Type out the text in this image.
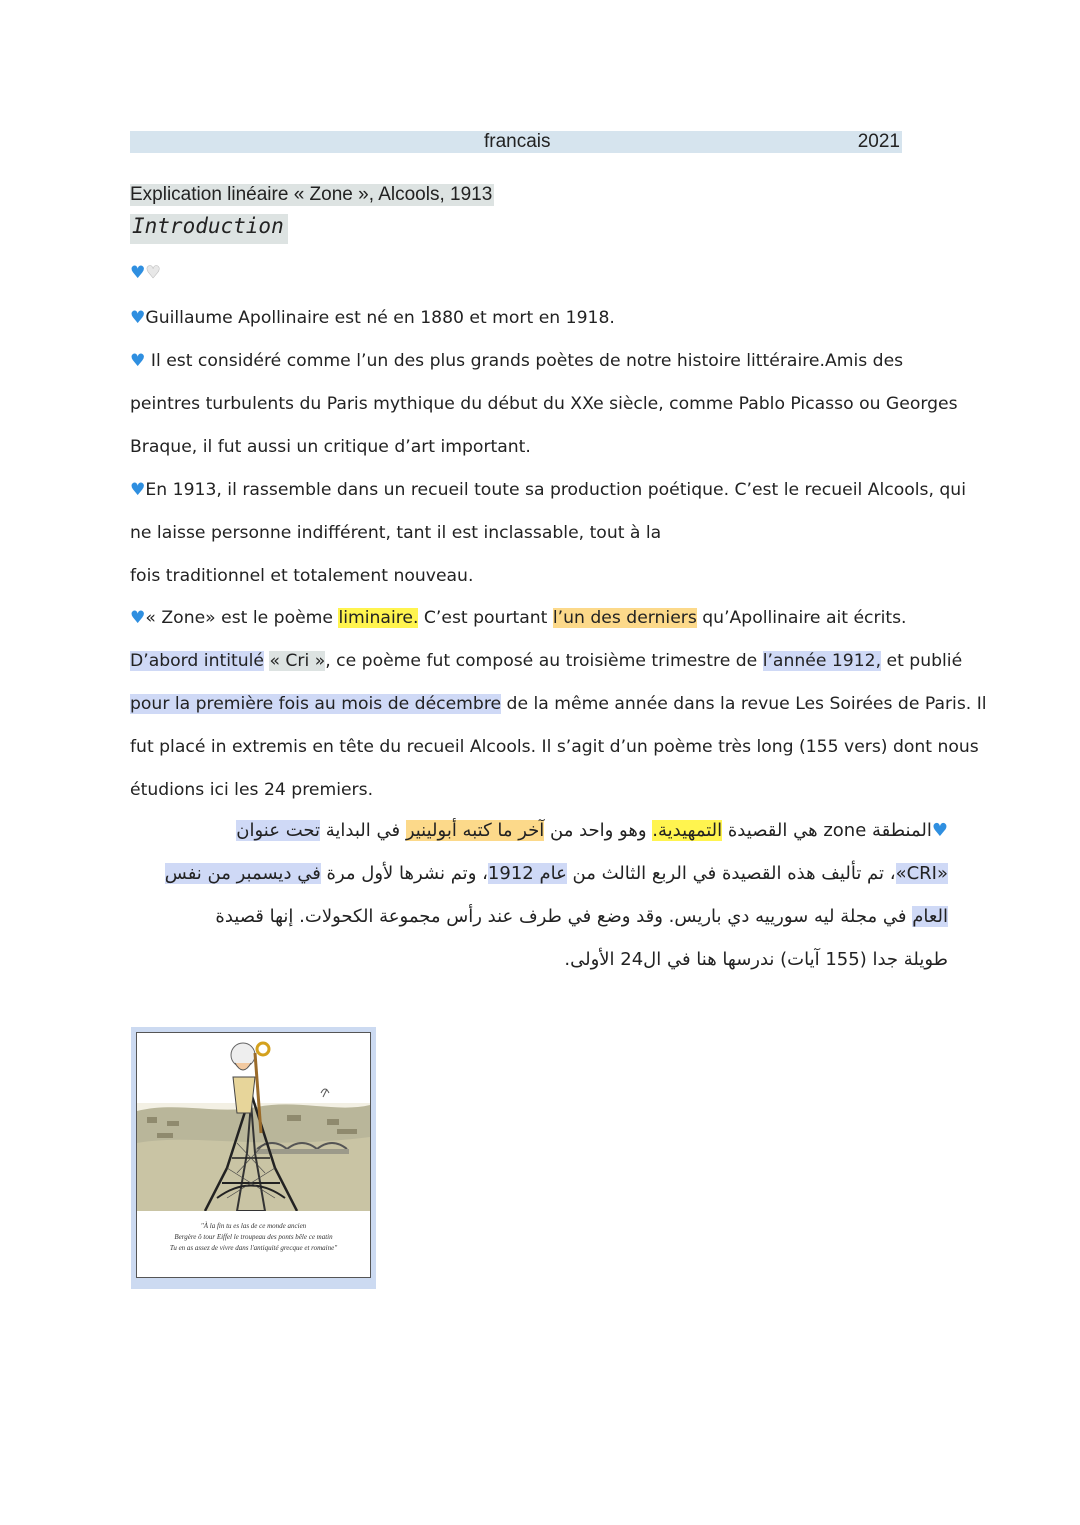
francais	2021
Explication linéaire « Zone », Alcools, 1913
Introduction
♥♥
♥Guillaume Apollinaire est né en 1880 et mort en 1918.
♥ Il est considéré comme l’un des plus grands poètes de notre histoire littéraire.Amis des
peintres turbulents du Paris mythique du début du XXe siècle, comme Pablo Picasso ou Georges
Braque, il fut aussi un critique d’art important.
♥En 1913, il rassemble dans un recueil toute sa production poétique. C’est le recueil Alcools, qui
ne laisse personne indifférent, tant il est inclassable, tout à la
fois traditionnel et totalement nouveau.
♥« Zone» est le poème liminaire. C’est pourtant l’un des derniers qu’Apollinaire ait écrits.
D’abord intitulé « Cri », ce poème fut composé au troisième trimestre de l’année 1912, et publié
pour la première fois au mois de décembre de la même année dans la revue Les Soirées de Paris. Il
fut placé in extremis en tête du recueil Alcools. Il s’agit d’un poème très long (155 vers) dont nous
étudions ici les 24 premiers.
♥المنطقة zone هي القصيدة التمهيدية. وهو واحد من آخر ما كتبه أبولينير في البداية تحت عنوان
«CRI»، تم تأليف هذه القصيدة في الربع الثالث من عام 1912، وتم نشرها لأول مرة في ديسمبر من نفس
العام في مجلة ليه سورييه دي باريس. وقد وضع في طرف عند رأس مجموعة الكحولات. إنها قصيدة
طويلة جدا (155 آيات) ندرسها هنا في ال24 الأولى.
"À la fin tu es las de ce monde ancien
Bergère ô tour Eiffel le troupeau des ponts bêle ce matin
Tu en as assez de vivre dans l'antiquité grecque et romaine"
